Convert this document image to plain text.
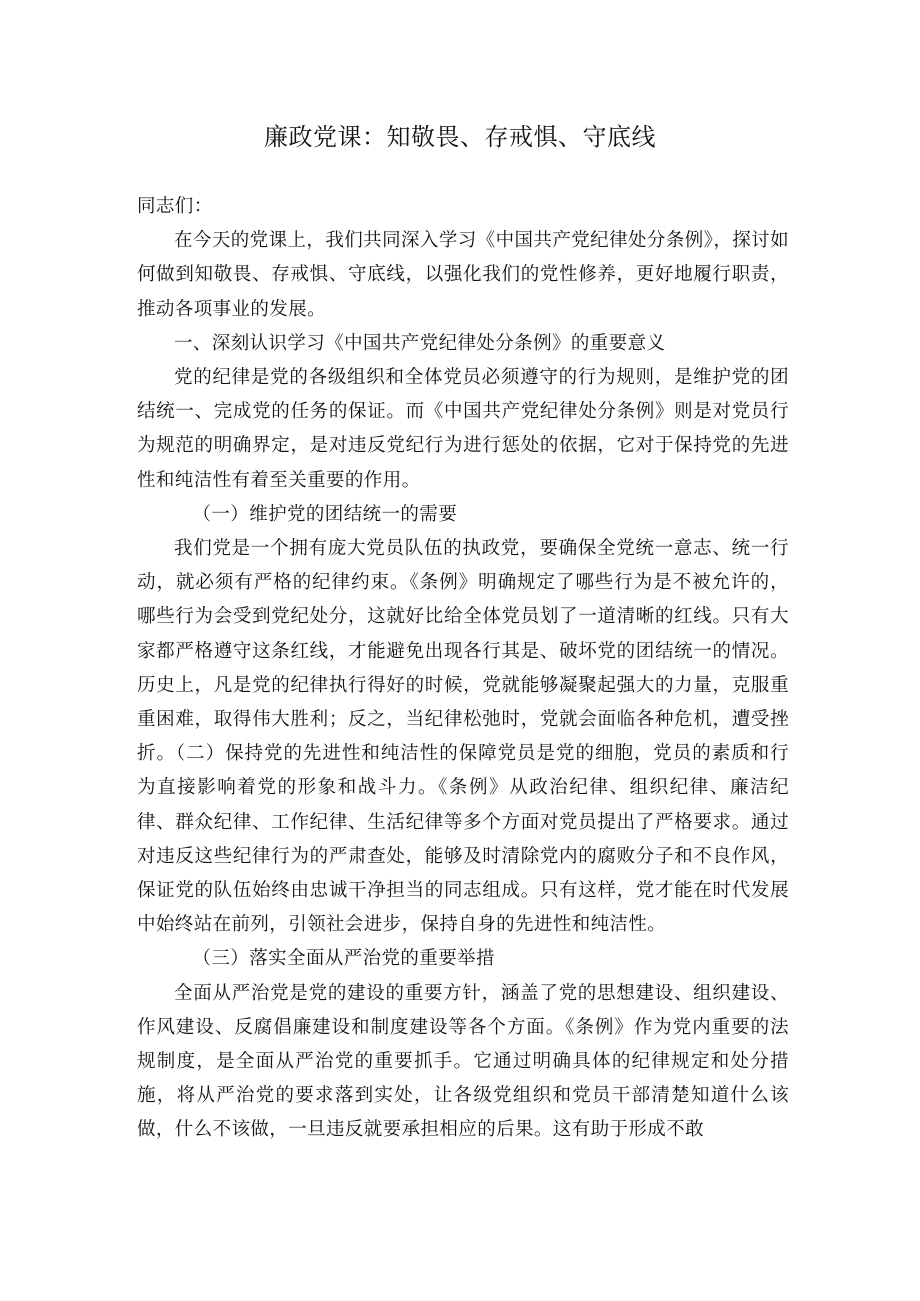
廉政党课：知敬畏、存戒惧、守底线

同志们：

在今天的党课上，我们共同深入学习《中国共产党纪律处分条例》，探讨如何做到知敬畏、存戒惧、守底线，以强化我们的党性修养，更好地履行职责，推动各项事业的发展。

一、深刻认识学习《中国共产党纪律处分条例》的重要意义

党的纪律是党的各级组织和全体党员必须遵守的行为规则，是维护党的团结统一、完成党的任务的保证。而《中国共产党纪律处分条例》则是对党员行为规范的明确界定，是对违反党纪行为进行惩处的依据，它对于保持党的先进性和纯洁性有着至关重要的作用。

（一）维护党的团结统一的需要

我们党是一个拥有庞大党员队伍的执政党，要确保全党统一意志、统一行动，就必须有严格的纪律约束。《条例》明确规定了哪些行为是不被允许的，哪些行为会受到党纪处分，这就好比给全体党员划了一道清晰的红线。只有大家都严格遵守这条红线，才能避免出现各行其是、破坏党的团结统一的情况。历史上，凡是党的纪律执行得好的时候，党就能够凝聚起强大的力量，克服重重困难，取得伟大胜利；反之，当纪律松弛时，党就会面临各种危机，遭受挫折。（二）保持党的先进性和纯洁性的保障党员是党的细胞，党员的素质和行为直接影响着党的形象和战斗力。《条例》从政治纪律、组织纪律、廉洁纪律、群众纪律、工作纪律、生活纪律等多个方面对党员提出了严格要求。通过对违反这些纪律行为的严肃查处，能够及时清除党内的腐败分子和不良作风，保证党的队伍始终由忠诚干净担当的同志组成。只有这样，党才能在时代发展中始终站在前列，引领社会进步，保持自身的先进性和纯洁性。

（三）落实全面从严治党的重要举措

全面从严治党是党的建设的重要方针，涵盖了党的思想建设、组织建设、作风建设、反腐倡廉建设和制度建设等各个方面。《条例》作为党内重要的法规制度，是全面从严治党的重要抓手。它通过明确具体的纪律规定和处分措施，将从严治党的要求落到实处，让各级党组织和党员干部清楚知道什么该做，什么不该做，一旦违反就要承担相应的后果。这有助于形成不敢
